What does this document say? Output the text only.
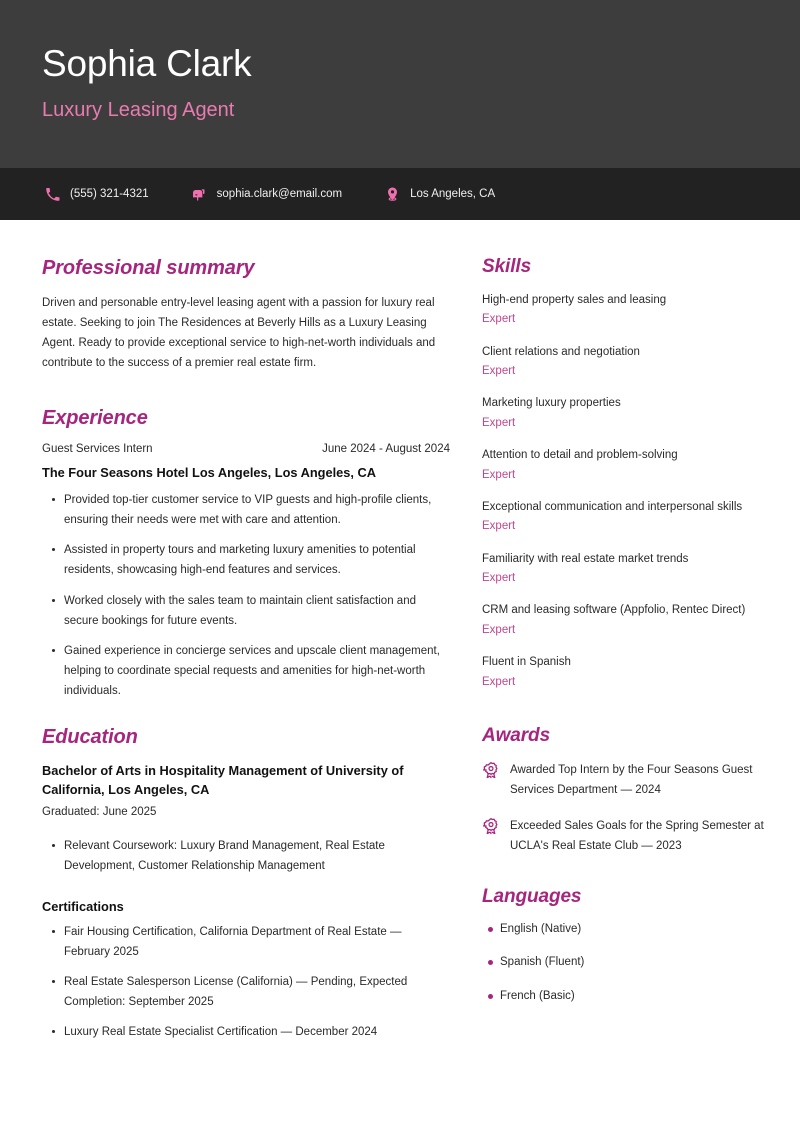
Sophia Clark
Luxury Leasing Agent
(555) 321-4321	sophia.clark@email.com	Los Angeles, CA
Professional summary

Driven and personable entry-level leasing agent with a passion for luxury real estate. Seeking to join The Residences at Beverly Hills as a Luxury Leasing Agent. Ready to provide exceptional service to high-net-worth individuals and contribute to the success of a premier real estate firm.

Experience
Guest Services Intern	June 2024 - August 2024
The Four Seasons Hotel Los Angeles, Los Angeles, CA
Provided top-tier customer service to VIP guests and high-profile clients, ensuring their needs were met with care and attention.
Assisted in property tours and marketing luxury amenities to potential residents, showcasing high-end features and services.
Worked closely with the sales team to maintain client satisfaction and secure bookings for future events.
Gained experience in concierge services and upscale client management, helping to coordinate special requests and amenities for high-net-worth individuals.
Education
Bachelor of Arts in Hospitality Management of University of California, Los Angeles, CA
Graduated: June 2025
Relevant Coursework: Luxury Brand Management, Real Estate Development, Customer Relationship Management
Certifications
Fair Housing Certification, California Department of Real Estate — February 2025
Real Estate Salesperson License (California) — Pending, Expected Completion: September 2025
Luxury Real Estate Specialist Certification — December 2024
Skills
High-end property sales and leasing
Expert
Client relations and negotiation
Expert
Marketing luxury properties
Expert
Attention to detail and problem-solving
Expert
Exceptional communication and interpersonal skills
Expert
Familiarity with real estate market trends
Expert
CRM and leasing software (Appfolio, Rentec Direct)
Expert
Fluent in Spanish
Expert
Awards
Awarded Top Intern by the Four Seasons Guest Services Department — 2024
Exceeded Sales Goals for the Spring Semester at UCLA's Real Estate Club — 2023
Languages
English (Native)
Spanish (Fluent)
French (Basic)
